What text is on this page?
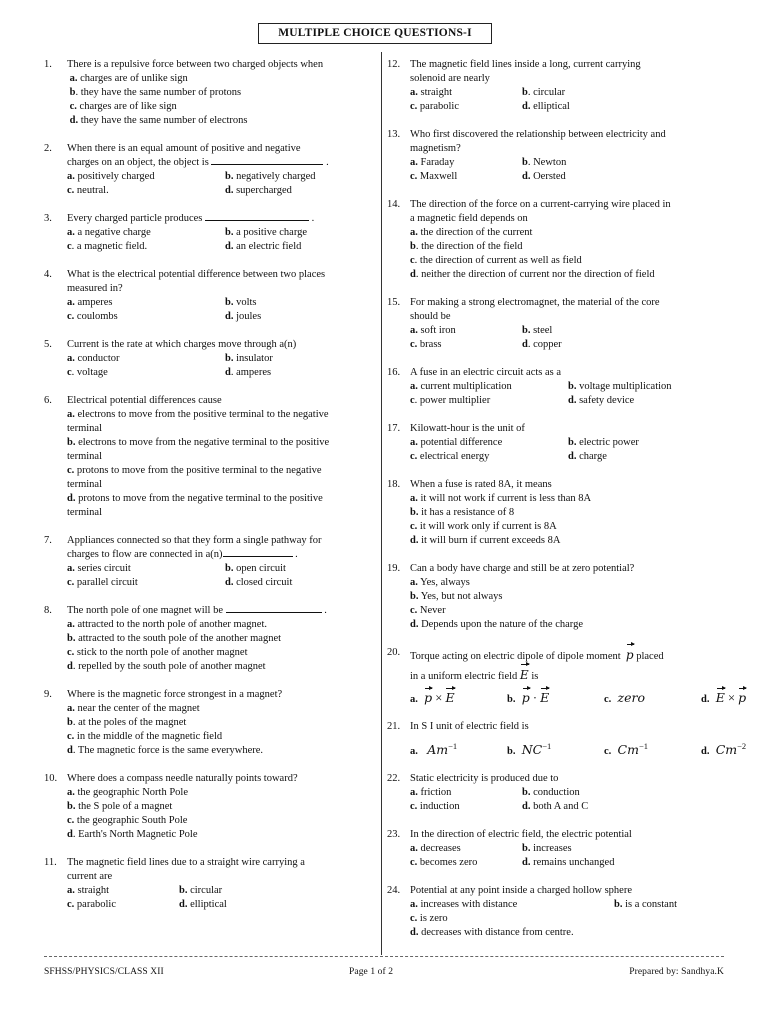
MULTIPLE CHOICE QUESTIONS-I
1.	There is a repulsive force between two charged objects when
a. charges are of unlike sign
b. they have the same number of protons
c. charges are of like sign
d. they have the same number of electrons
2.	When there is an equal amount of positive and negative
charges on an object, the object is	.
a. positively charged	b. negatively charged
c. neutral.	d. supercharged
3.	Every charged particle produces	.
a. a negative charge	b. a positive charge
c. a magnetic field.	d. an electric field
4.	What is the electrical potential difference between two places
measured in?
a. amperes	b. volts
c. coulombs	d. joules
5.	Current is the rate at which charges move through a(n)
a. conductor	b. insulator
c. voltage	d. amperes
6.	Electrical potential differences cause
a. electrons to move from the positive terminal to the negative
terminal
b. electrons to move from the negative terminal to the positive
terminal
c. protons to move from the positive terminal to the negative
terminal
d. protons to move from the negative terminal to the positive
terminal
7.	Appliances connected so that they form a single pathway for
charges to flow are connected in a(n)	.
a. series circuit	b. open circuit
c. parallel circuit	d. closed circuit
8.	The north pole of one magnet will be	.
a. attracted to the north pole of another magnet.
b. attracted to the south pole of the another magnet
c. stick to the north pole of another magnet
d. repelled by the south pole of another magnet
9.	Where is the magnetic force strongest in a magnet?
a. near the center of the magnet
b. at the poles of the magnet
c. in the middle of the magnetic field
d. The magnetic force is the same everywhere.
10. Where does a compass needle naturally points toward?
a. the geographic North Pole
b. the S pole of a magnet
c. the geographic South Pole
d. Earth's North Magnetic Pole
11. The magnetic field lines due to a straight wire carrying a
current are
a. straight	b. circular
c. parabolic	d. elliptical
12. The magnetic field lines inside a long, current carrying
solenoid are nearly
a. straight	b. circular
c. parabolic	d. elliptical
13. Who first discovered the relationship between electricity and
magnetism?
a. Faraday	b. Newton
c. Maxwell	d. Oersted
14. The direction of the force on a current-carrying wire placed in
a magnetic field depends on
a. the direction of the current
b. the direction of the field
c. the direction of current as well as field
d. neither the direction of current nor the direction of field
15. For making a strong electromagnet, the material of the core
should be
a. soft iron	b. steel
c. brass	d. copper
16. A fuse in an electric circuit acts as a
a. current multiplication	b. voltage multiplication
c. power multiplier	d. safety device
17. Kilowatt-hour is the unit of
a. potential difference	b. electric power
c. electrical energy	d. charge
18. When a fuse is rated 8A, it means
a. it will not work if current is less than 8A
b. it has a resistance of 8
c. it will work only if current is 8A
d. it will burn if current exceeds 8A
19. Can a body have charge and still be at zero potential?
a. Yes, always
b. Yes, but not always
c. Never
d. Depends upon the nature of the charge
20. Torque acting on electric dipole of dipole moment p placed
in a uniform electric field E is
a. p × E	b. p · E	c. zero	d. E × p
21. In S I unit of electric field is
a. $Am^{-1}$
b. $NC^{-1}$
c. $Cm^{-1}$
d. $Cm^{-2}$
22. Static electricity is produced due to
a. friction	b. conduction
c. induction	d. both A and C
23. In the direction of electric field, the electric potential
a. decreases	b. increases
c. becomes zero	d. remains unchanged
24. Potential at any point inside a charged hollow sphere
a. increases with distance	b. is a constant
c. is zero
d. decreases with distance from centre.
SFHSS/PHYSICS/CLASS XII	Page 1 of 2	Prepared by: Sandhya.K
